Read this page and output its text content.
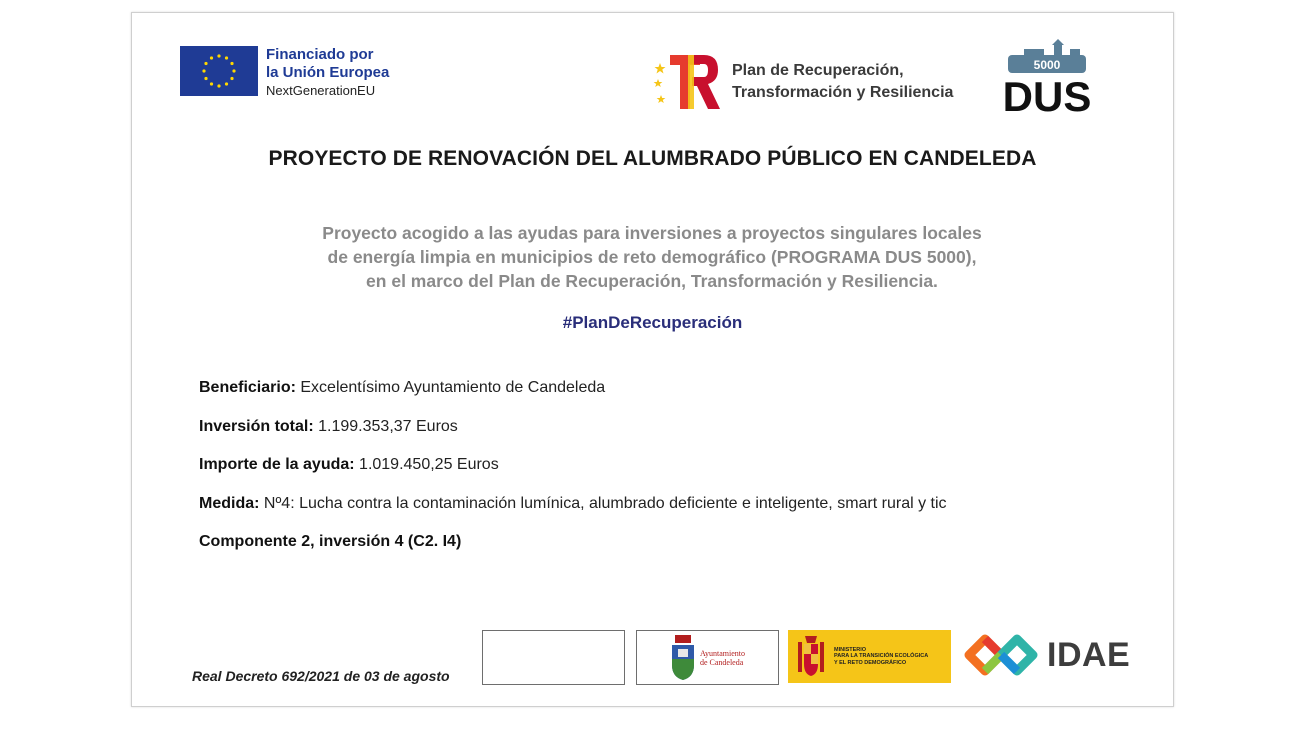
Financiado por
la Unión Europea
NextGenerationEU
Plan de Recuperación,
Transformación y Resiliencia
5000
DUS
PROYECTO DE RENOVACIÓN DEL ALUMBRADO PÚBLICO EN CANDELEDA
Proyecto acogido a las ayudas para inversiones a proyectos singulares locales
de energía limpia en municipios de reto demográfico (PROGRAMA DUS 5000),
en el marco del Plan de Recuperación, Transformación y Resiliencia.
#PlanDeRecuperación
Beneficiario: Excelentísimo Ayuntamiento de Candeleda
Inversión total: 1.199.353,37 Euros
Importe de la ayuda: 1.019.450,25 Euros
Medida: Nº4: Lucha contra la contaminación lumínica, alumbrado deficiente e inteligente, smart rural y tic
Componente 2, inversión 4 (C2. I4)
Real Decreto 692/2021 de 03 de agosto
Ayuntamiento
de Candeleda
MINISTERIO
PARA LA TRANSICIÓN ECOLÓGICA
Y EL RETO DEMOGRÁFICO	IDAE
